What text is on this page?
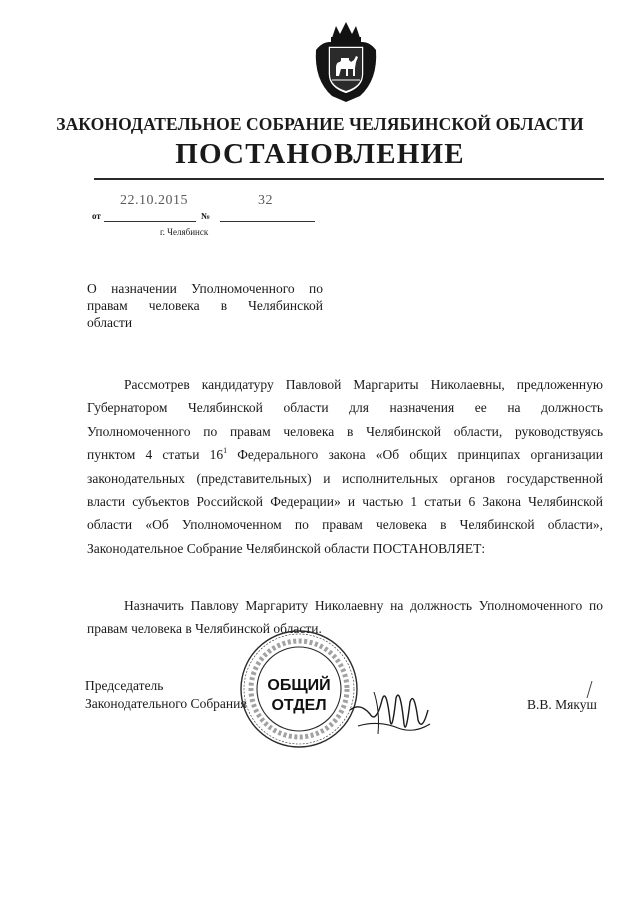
ЗАКОНОДАТЕЛЬНОЕ СОБРАНИЕ ЧЕЛЯБИНСКОЙ ОБЛАСТИ
ПОСТАНОВЛЕНИЕ
22.10.2015	32
от	№
г. Челябинск
О назначении Уполномоченного по
правам человека в Челябинской
области
Рассмотрев кандидатуру Павловой Маргариты Николаевны, предложенную
Губернатором Челябинской области для назначения ее на должность
Уполномоченного по правам человека в Челябинской области, руководствуясь
пунктом 4 статьи $16^1$ Федерального закона «Об общих принципах организации
законодательных (представительных) и исполнительных органов государственной
власти субъектов Российской Федерации» и частью 1 статьи 6 Закона Челябинской
области «Об Уполномоченном по правам человека в Челябинской области»,
Законодательное Собрание Челябинской области ПОСТАНОВЛЯЕТ:
Назначить Павлову Маргариту Николаевну на должность Уполномоченного по
правам человека в Челябинской области.
Председатель
Законодательного Собрания	В.В. Мякуш
ОБЩИЙ
ОТДЕЛ
